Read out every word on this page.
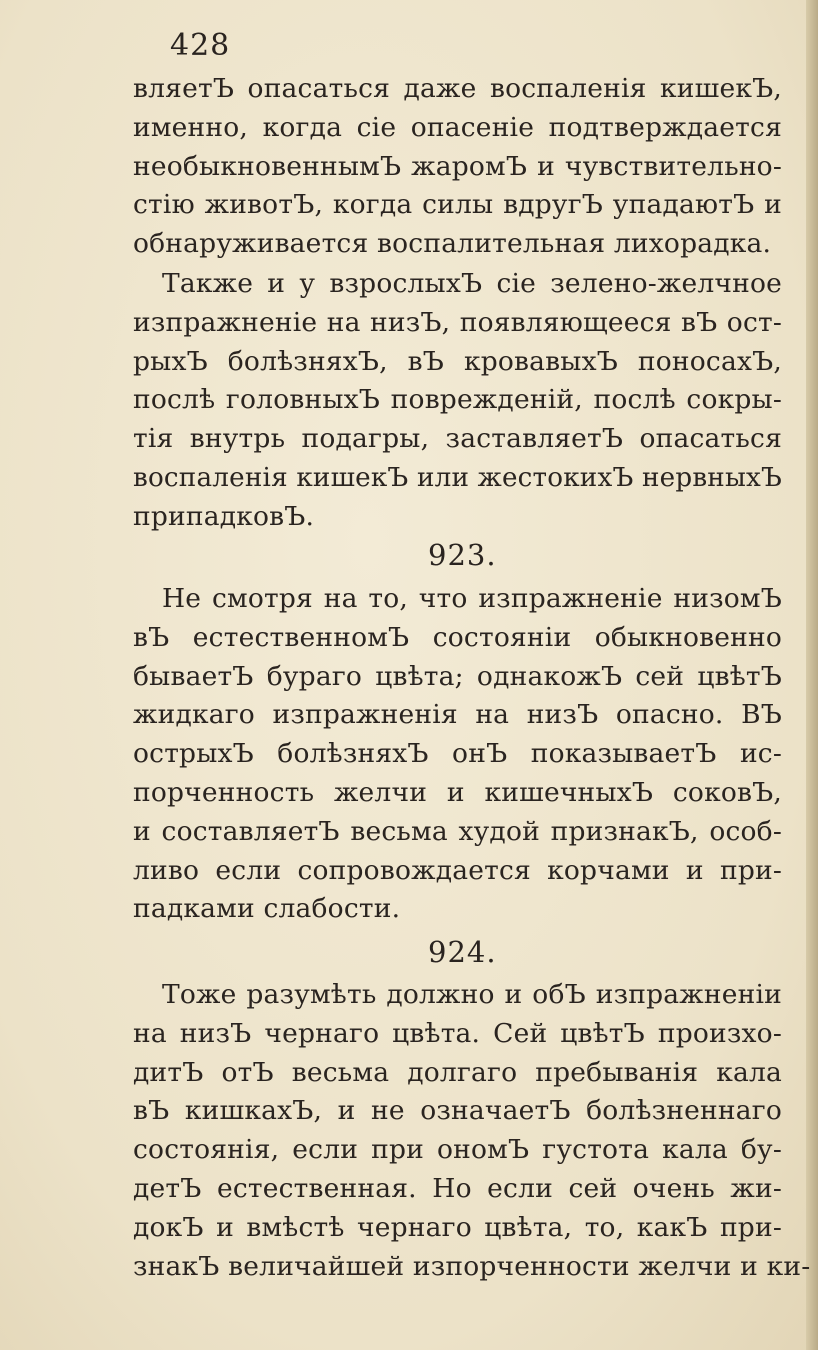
428
вляетЪ опасаться даже воспаленія кишекЪ,
именно, когда сіе опасеніе подтверждается
необыкновеннымЪ жаромЪ и чувствительно-
стію животЪ, когда силы вдругЪ упадаютЪ и
обнаруживается воспалительная лихорадка.
Также и у взрослыхЪ сіе зелено-желчное
изпражненіе на низЪ, появляющееся вЪ ост-
рыхЪ болѣзняхЪ, вЪ кровавыхЪ поносахЪ,
послѣ головныхЪ поврежденій, послѣ сокры-
тія внутрь подагры, заставляетЪ опасаться
воспаленія кишекЪ или жестокихЪ нервныхЪ
припадковЪ.
923.
Не смотря на то, что изпражненіе низомЪ
вЪ естественномЪ состояніи обыкновенно
бываетЪ бураго цвѣта; однакожЪ сей цвѣтЪ
жидкаго изпражненія на низЪ опасно. ВЪ
острыхЪ болѣзняхЪ онЪ показываетЪ ис-
порченность желчи и кишечныхЪ соковЪ,
и составляетЪ весьма худой признакЪ, особ-
ливо если сопровождается корчами и при-
падками слабости.
924.
Тоже разумѣть должно и обЪ изпражненіи
на низЪ чернаго цвѣта. Сей цвѣтЪ произхо-
дитЪ отЪ весьма долгаго пребыванія кала
вЪ кишкахЪ, и не означаетЪ болѣзненнаго
состоянія, если при ономЪ густота кала бу-
детЪ естественная. Но если сей очень жи-
докЪ и вмѣстѣ чернаго цвѣта, то, какЪ при-
знакЪ величайшей изпорченности желчи и ки-
